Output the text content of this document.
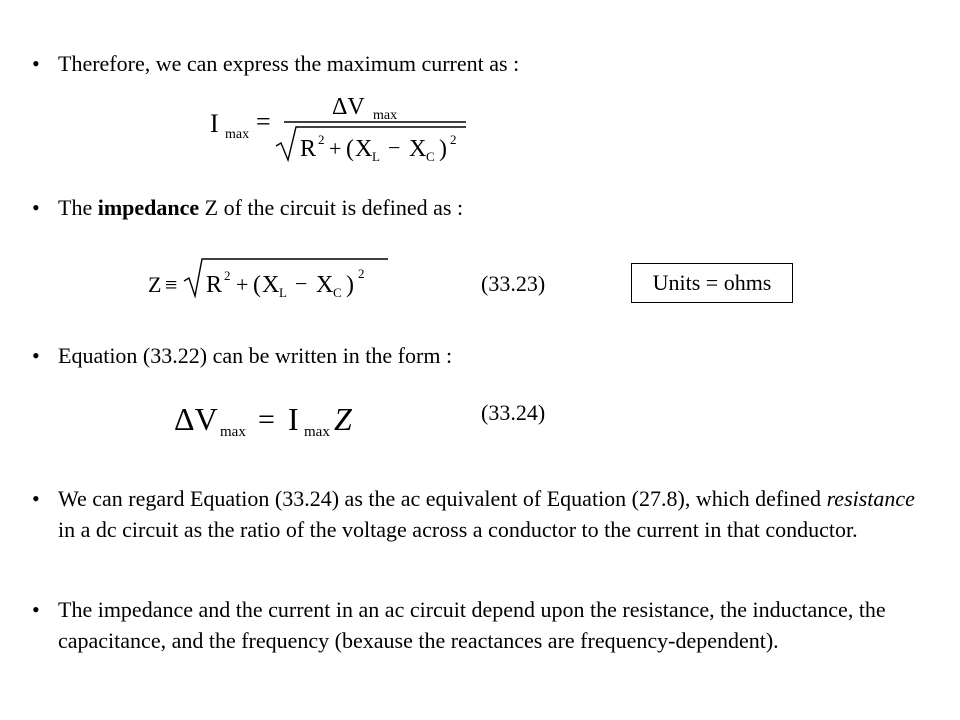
• Therefore, we can express the maximum current as :
I max =	ΔV max
R 2 + ( X L − X C ) 2
• The impedance Z of the circuit is defined as :
Z ≡ R 2 + ( X L − X C ) 2	(33.23)	Units = ohms
• Equation (33.22) can be written in the form :
ΔV max = I max Z	(33.24)
• We can regard Equation (33.24) as the ac equivalent of Equation (27.8), which defined resistance in a dc circuit as the ratio of the voltage across a conductor to the current in that conductor.
• The impedance and the current in an ac circuit depend upon the resistance, the inductance, the capacitance, and the frequency (bexause the reactances are frequency-dependent).
